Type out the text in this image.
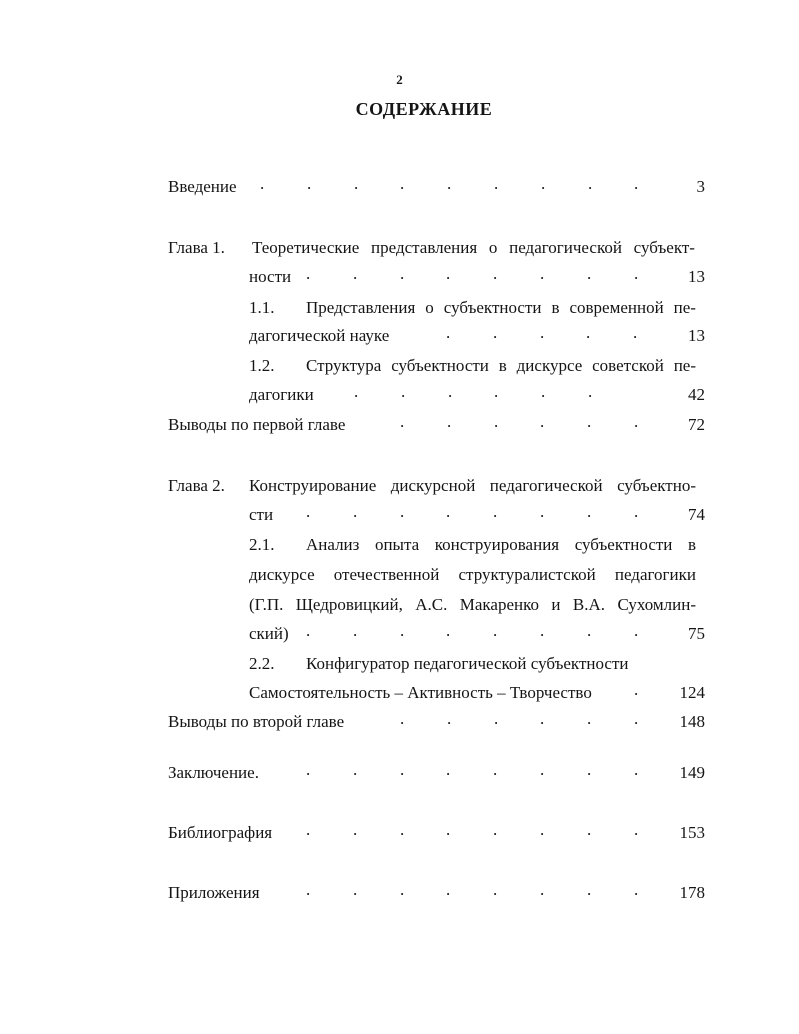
2
СОДЕРЖАНИЕ
Введение .	.	. .	.	.	.	. .	3
Глава 1. Теоретические представления о педагогической субъект-
ности .	.	. .	.	.	.	.	13
1.1. Представления о субъектности в современной пе-
дагогической науке	.	.	. .	.	13
1.2. Структура субъектности в дискурсе советской пе-
дагогики .	.	. .	.	.	42
Выводы по первой главе	.	.	. .	.	.	72
Глава 2. Конструирование дискурсной педагогической субъектно-
сти .	.	. .	.	.	.	.	74
2.1. Анализ опыта конструирования субъектности в
дискурсе отечественной структуралистской педагогики
(Г.П. Щедровицкий, А.С. Макаренко и В.А. Сухомлин-
ский) .	.	. .	.	.	.	.	75
2.2. Конфигуратор педагогической субъектности
Самостоятельность – Активность – Творчество . 124
Выводы по второй главе	.	.	. .	.	. 148
Заключение.	.	.	. .	.	.	.	. 149
Библиография .	.	. .	.	.	.	. 153
Приложения	.	.	. .	.	.	.	. 178
